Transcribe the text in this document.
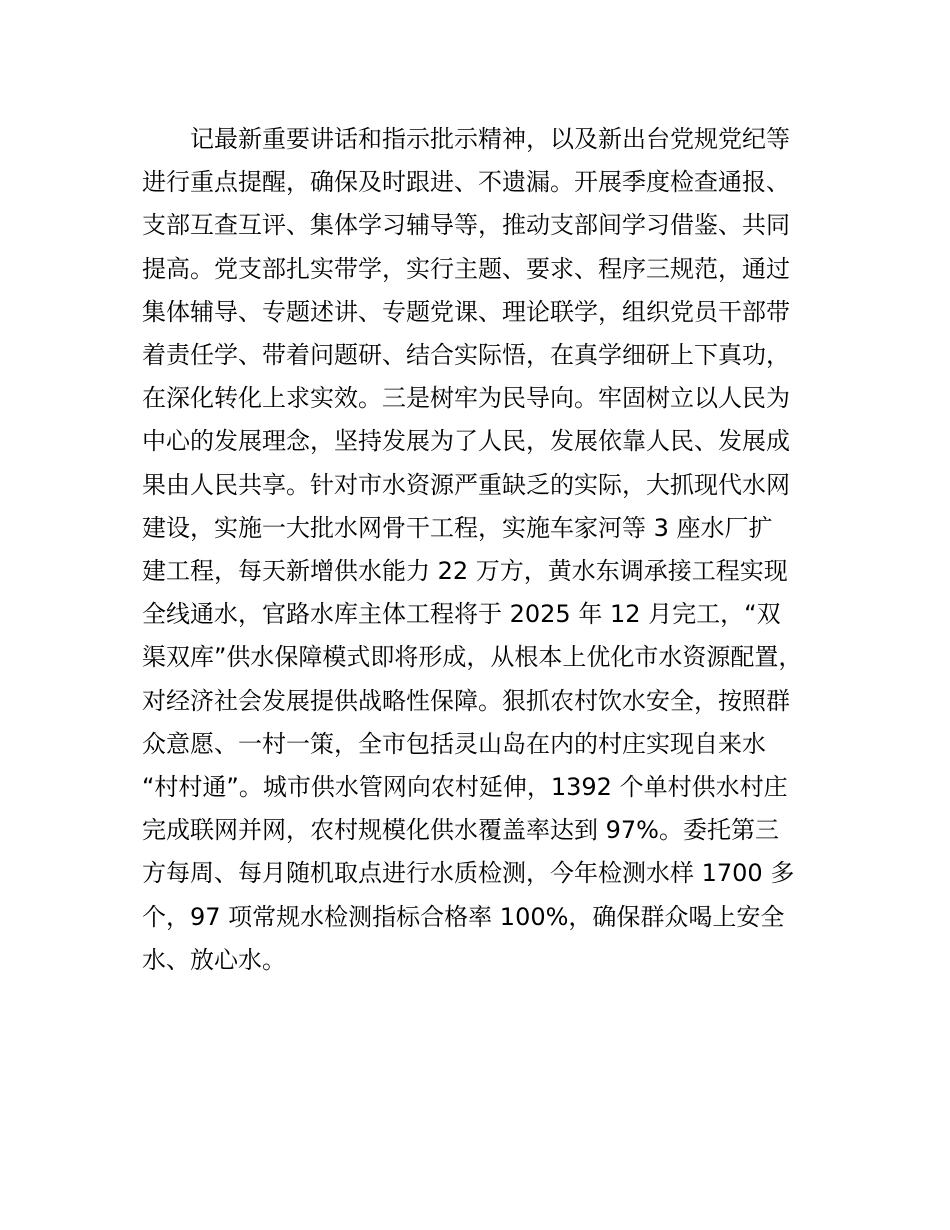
记最新重要讲话和指示批示精神，以及新出台党规党纪等
进行重点提醒，确保及时跟进、不遗漏。开展季度检查通报、
支部互查互评、集体学习辅导等，推动支部间学习借鉴、共同
提高。党支部扎实带学，实行主题、要求、程序三规范，通过
集体辅导、专题述讲、专题党课、理论联学，组织党员干部带
着责任学、带着问题研、结合实际悟，在真学细研上下真功，
在深化转化上求实效。三是树牢为民导向。牢固树立以人民为
中心的发展理念，坚持发展为了人民，发展依靠人民、发展成
果由人民共享。针对市水资源严重缺乏的实际，大抓现代水网
建设，实施一大批水网骨干工程，实施车家河等 3 座水厂扩
建工程，每天新增供水能力 22 万方，黄水东调承接工程实现
全线通水，官路水库主体工程将于 2025 年 12 月完工，“双
渠双库”供水保障模式即将形成，从根本上优化市水资源配置，
对经济社会发展提供战略性保障。狠抓农村饮水安全，按照群
众意愿、一村一策，全市包括灵山岛在内的村庄实现自来水
“村村通”。城市供水管网向农村延伸，1392 个单村供水村庄
完成联网并网，农村规模化供水覆盖率达到 97%。委托第三
方每周、每月随机取点进行水质检测，今年检测水样 1700 多
个，97 项常规水检测指标合格率 100%，确保群众喝上安全
水、放心水。
